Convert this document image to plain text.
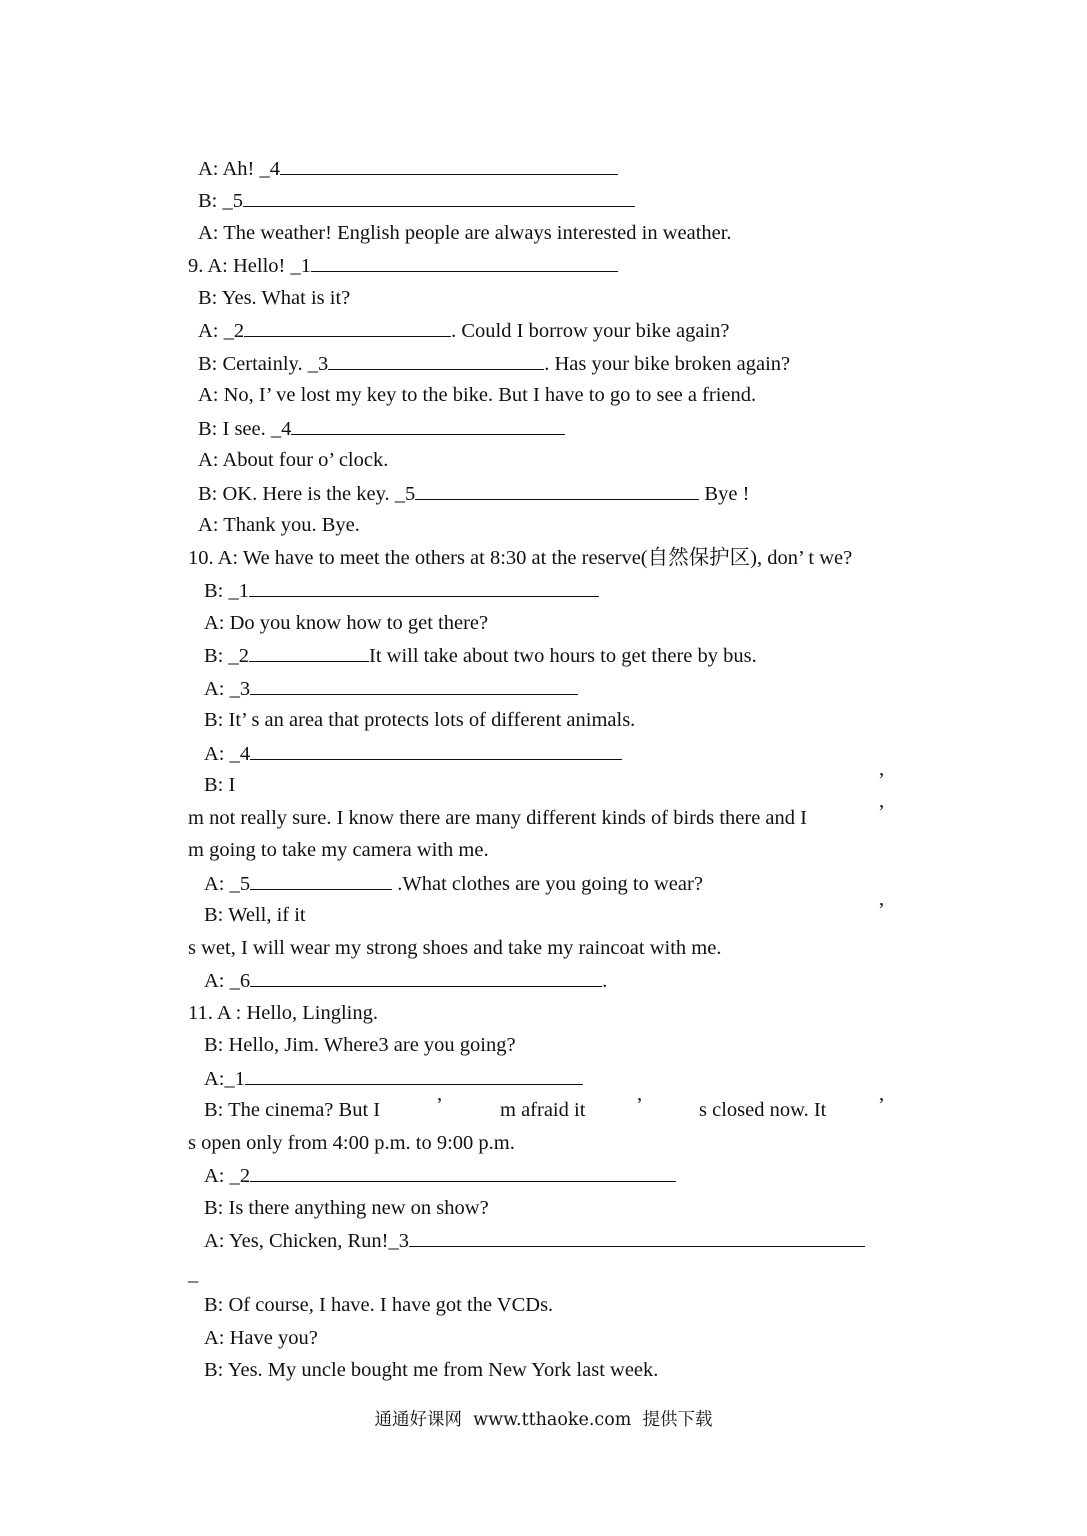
A: Ah! _4
B: _5
A: The weather! English people are always interested in weather.
9. A: Hello! _1
B: Yes. What is it?
A: _2	. Could I borrow your bike again?
B: Certainly. _3	. Has your bike broken again?
A: No, I’ ve lost my key to the bike. But I have to go to see a friend.
B: I see. _4
A: About four o’ clock.
B: OK. Here is the key. _5	Bye !
A: Thank you. Bye.
10. A: We have to meet the others at 8:30 at the reserve(自然保护区), don’ t we?
B: _1
A: Do you know how to get there?
B: _2	It will take about two hours to get there by bus.
A: _3
B: It’ s an area that protects lots of different animals.
A: _4
B: I	’
m not really sure. I know there are many different kinds of birds there and I	’
m going to take my camera with me.
A: _5	.What clothes are you going to wear?
B: Well, if it	’
s wet, I will wear my strong shoes and take my raincoat with me.
A: _6	.
11. A : Hello, Lingling.
B: Hello, Jim. Where3 are you going?
A:_1
B: The cinema? But I	’	m afraid it ’	s closed now. It	’
s open only from 4:00 p.m. to 9:00 p.m.
A: _2
B: Is there anything new on show?
A: Yes, Chicken, Run!_3
_
B: Of course, I have. I have got the VCDs.
A: Have you?
B: Yes. My uncle bought me from New York last week.
通通好课网  www.tthaoke.com  提供下载
